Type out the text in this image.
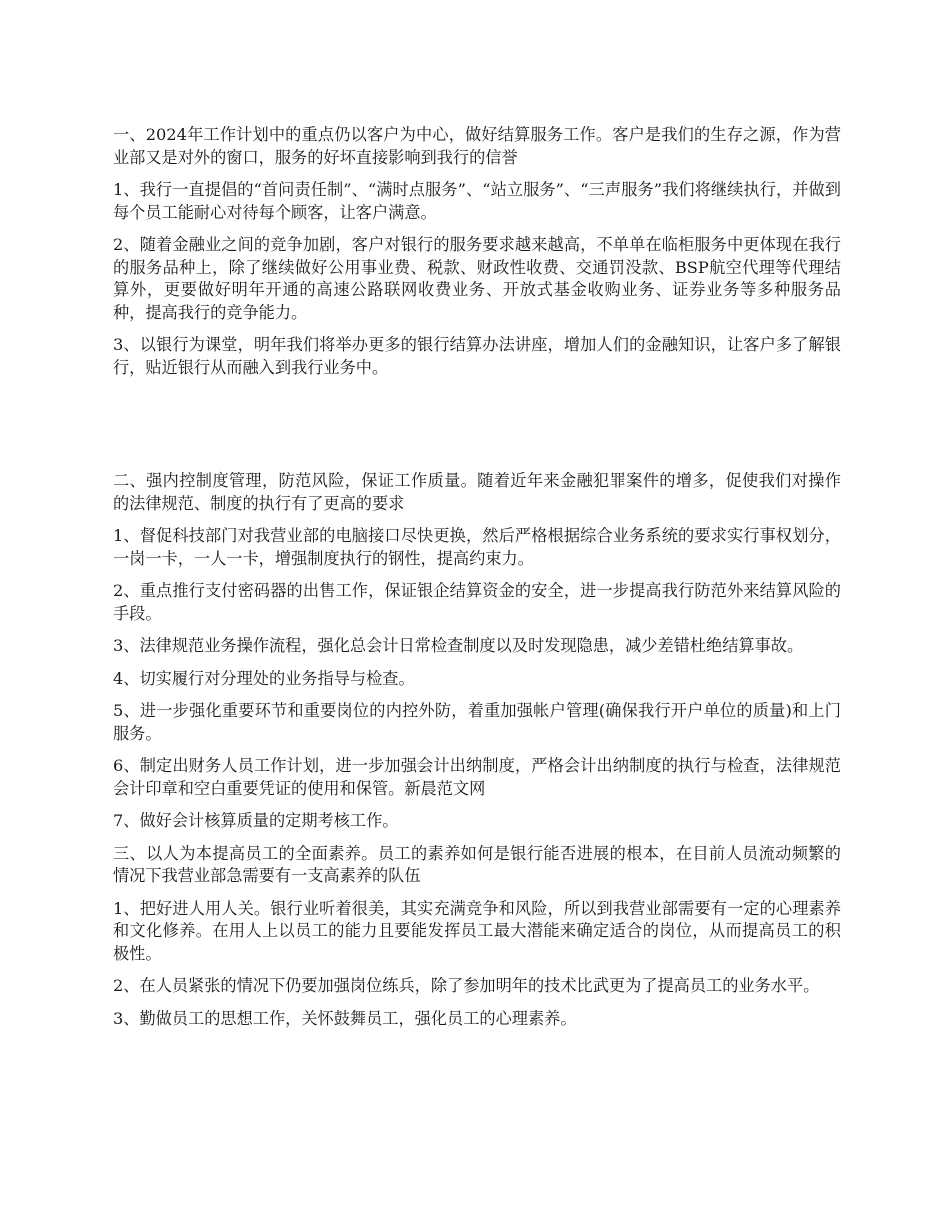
一、2024年工作计划中的重点仍以客户为中心，做好结算服务工作。客户是我们的生存之源，作为营业部又是对外的窗口，服务的好坏直接影响到我行的信誉

1、我行一直提倡的“首问责任制”、“满时点服务”、“站立服务”、“三声服务”我们将继续执行，并做到每个员工能耐心对待每个顾客，让客户满意。

2、随着金融业之间的竞争加剧，客户对银行的服务要求越来越高，不单单在临柜服务中更体现在我行的服务品种上，除了继续做好公用事业费、税款、财政性收费、交通罚没款、BSP航空代理等代理结算外，更要做好明年开通的高速公路联网收费业务、开放式基金收购业务、证券业务等多种服务品种，提高我行的竞争能力。

3、以银行为课堂，明年我们将举办更多的银行结算办法讲座，增加人们的金融知识，让客户多了解银行，贴近银行从而融入到我行业务中。

二、强内控制度管理，防范风险，保证工作质量。随着近年来金融犯罪案件的增多，促使我们对操作的法律规范、制度的执行有了更高的要求

1、督促科技部门对我营业部的电脑接口尽快更换，然后严格根据综合业务系统的要求实行事权划分，一岗一卡，一人一卡，增强制度执行的钢性，提高约束力。

2、重点推行支付密码器的出售工作，保证银企结算资金的安全，进一步提高我行防范外来结算风险的手段。

3、法律规范业务操作流程，强化总会计日常检查制度以及时发现隐患，减少差错杜绝结算事故。

4、切实履行对分理处的业务指导与检查。

5、进一步强化重要环节和重要岗位的内控外防，着重加强帐户管理(确保我行开户单位的质量)和上门服务。

6、制定出财务人员工作计划，进一步加强会计出纳制度，严格会计出纳制度的执行与检查，法律规范会计印章和空白重要凭证的使用和保管。新晨范文网

7、做好会计核算质量的定期考核工作。

三、以人为本提高员工的全面素养。员工的素养如何是银行能否进展的根本，在目前人员流动频繁的情况下我营业部急需要有一支高素养的队伍

1、把好进人用人关。银行业听着很美，其实充满竞争和风险，所以到我营业部需要有一定的心理素养和文化修养。在用人上以员工的能力且要能发挥员工最大潜能来确定适合的岗位，从而提高员工的积极性。

2、在人员紧张的情况下仍要加强岗位练兵，除了参加明年的技术比武更为了提高员工的业务水平。

3、勤做员工的思想工作，关怀鼓舞员工，强化员工的心理素养。
